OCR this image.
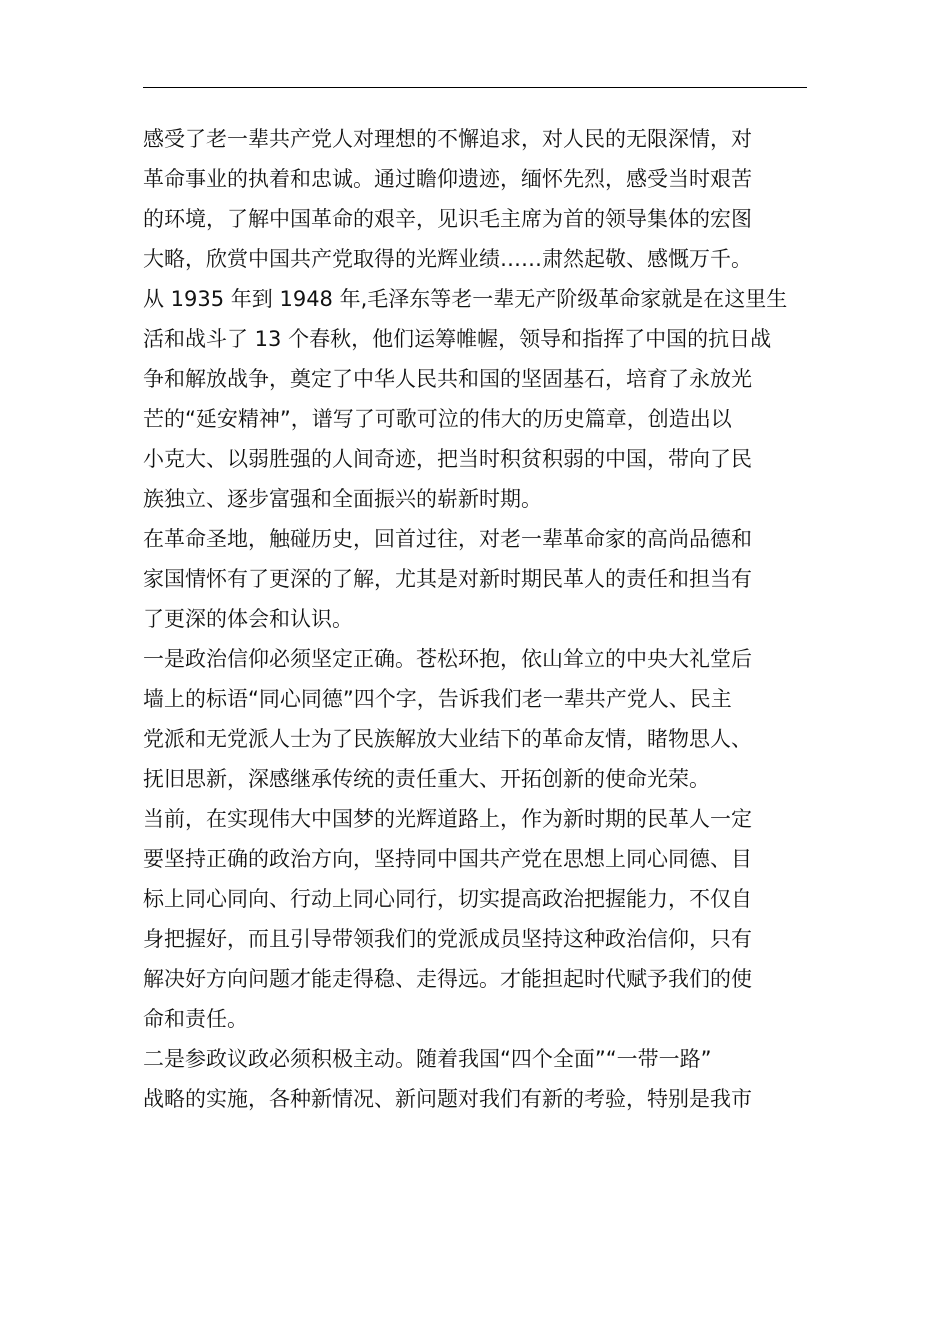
感受了老一辈共产党人对理想的不懈追求，对人民的无限深情，对
革命事业的执着和忠诚。通过瞻仰遗迹，缅怀先烈，感受当时艰苦
的环境，了解中国革命的艰辛，见识毛主席为首的领导集体的宏图
大略，欣赏中国共产党取得的光辉业绩……肃然起敬、感慨万千。
从 1935 年到 1948 年,毛泽东等老一辈无产阶级革命家就是在这里生
活和战斗了 13 个春秋，他们运筹帷幄，领导和指挥了中国的抗日战
争和解放战争，奠定了中华人民共和国的坚固基石，培育了永放光
芒的“延安精神”，谱写了可歌可泣的伟大的历史篇章，创造出以
小克大、以弱胜强的人间奇迹，把当时积贫积弱的中国，带向了民
族独立、逐步富强和全面振兴的崭新时期。
在革命圣地，触碰历史，回首过往，对老一辈革命家的高尚品德和
家国情怀有了更深的了解，尤其是对新时期民革人的责任和担当有
了更深的体会和认识。
一是政治信仰必须坚定正确。苍松环抱，依山耸立的中央大礼堂后
墙上的标语“同心同德”四个字，告诉我们老一辈共产党人、民主
党派和无党派人士为了民族解放大业结下的革命友情，睹物思人、
抚旧思新，深感继承传统的责任重大、开拓创新的使命光荣。
当前，在实现伟大中国梦的光辉道路上，作为新时期的民革人一定
要坚持正确的政治方向，坚持同中国共产党在思想上同心同德、目
标上同心同向、行动上同心同行，切实提高政治把握能力，不仅自
身把握好，而且引导带领我们的党派成员坚持这种政治信仰，只有
解决好方向问题才能走得稳、走得远。才能担起时代赋予我们的使
命和责任。
二是参政议政必须积极主动。随着我国“四个全面”“一带一路”
战略的实施，各种新情况、新问题对我们有新的考验，特别是我市
